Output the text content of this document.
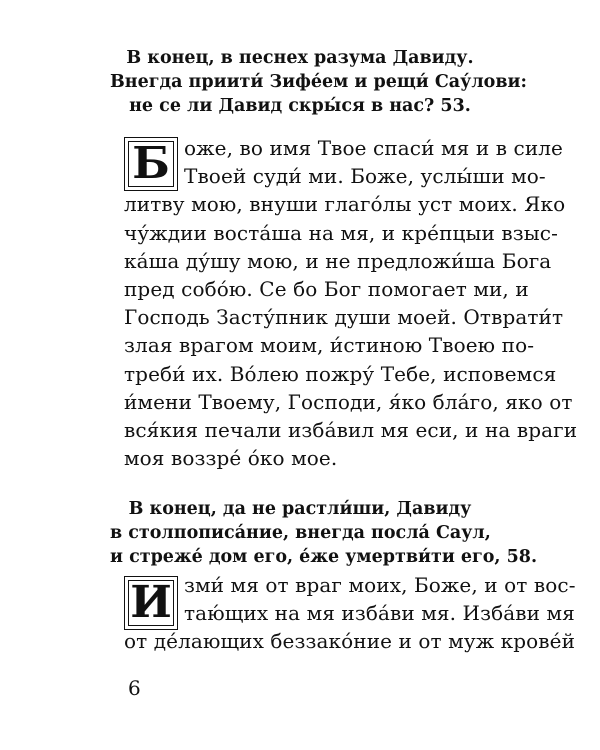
В конец, в песнех разума Давиду.
Внегда приити́ Зифе́ем и рещи́ Сау́лови:
не се ли Давид скры́ся в нас? 53.
Б оже, во имя Твое спаси́ мя и в силе
Твоей суди́ ми. Боже, услы́ши мо-
литву мою, внуши глаго́лы уст моих. Яко
чу́ждии воста́ша на мя, и кре́пцыи взыс-
ка́ша ду́шу мою, и не предложи́ша Бога
пред собо́ю. Се бо Бог помогает ми, и
Господь Засту́пник души моей. Отврати́т
злая врагом моим, и́стиною Твоею по-
треби́ их. Во́лею пожру́ Тебе, исповемся
и́мени Твоему, Господи, я́ко бла́го, яко от
вся́кия печали изба́вил мя еси, и на враги
моя воззре́ о́ко мое.
В конец, да не растли́ши, Давиду
в столпописа́ние, внегда посла́ Саул,
и стреже́ дом его, е́же умертви́ти его, 58.
И зми́ мя от враг моих, Боже, и от вос-
таю́щих на мя изба́ви мя. Изба́ви мя
от де́лающих беззако́ние и от муж крове́й
6
